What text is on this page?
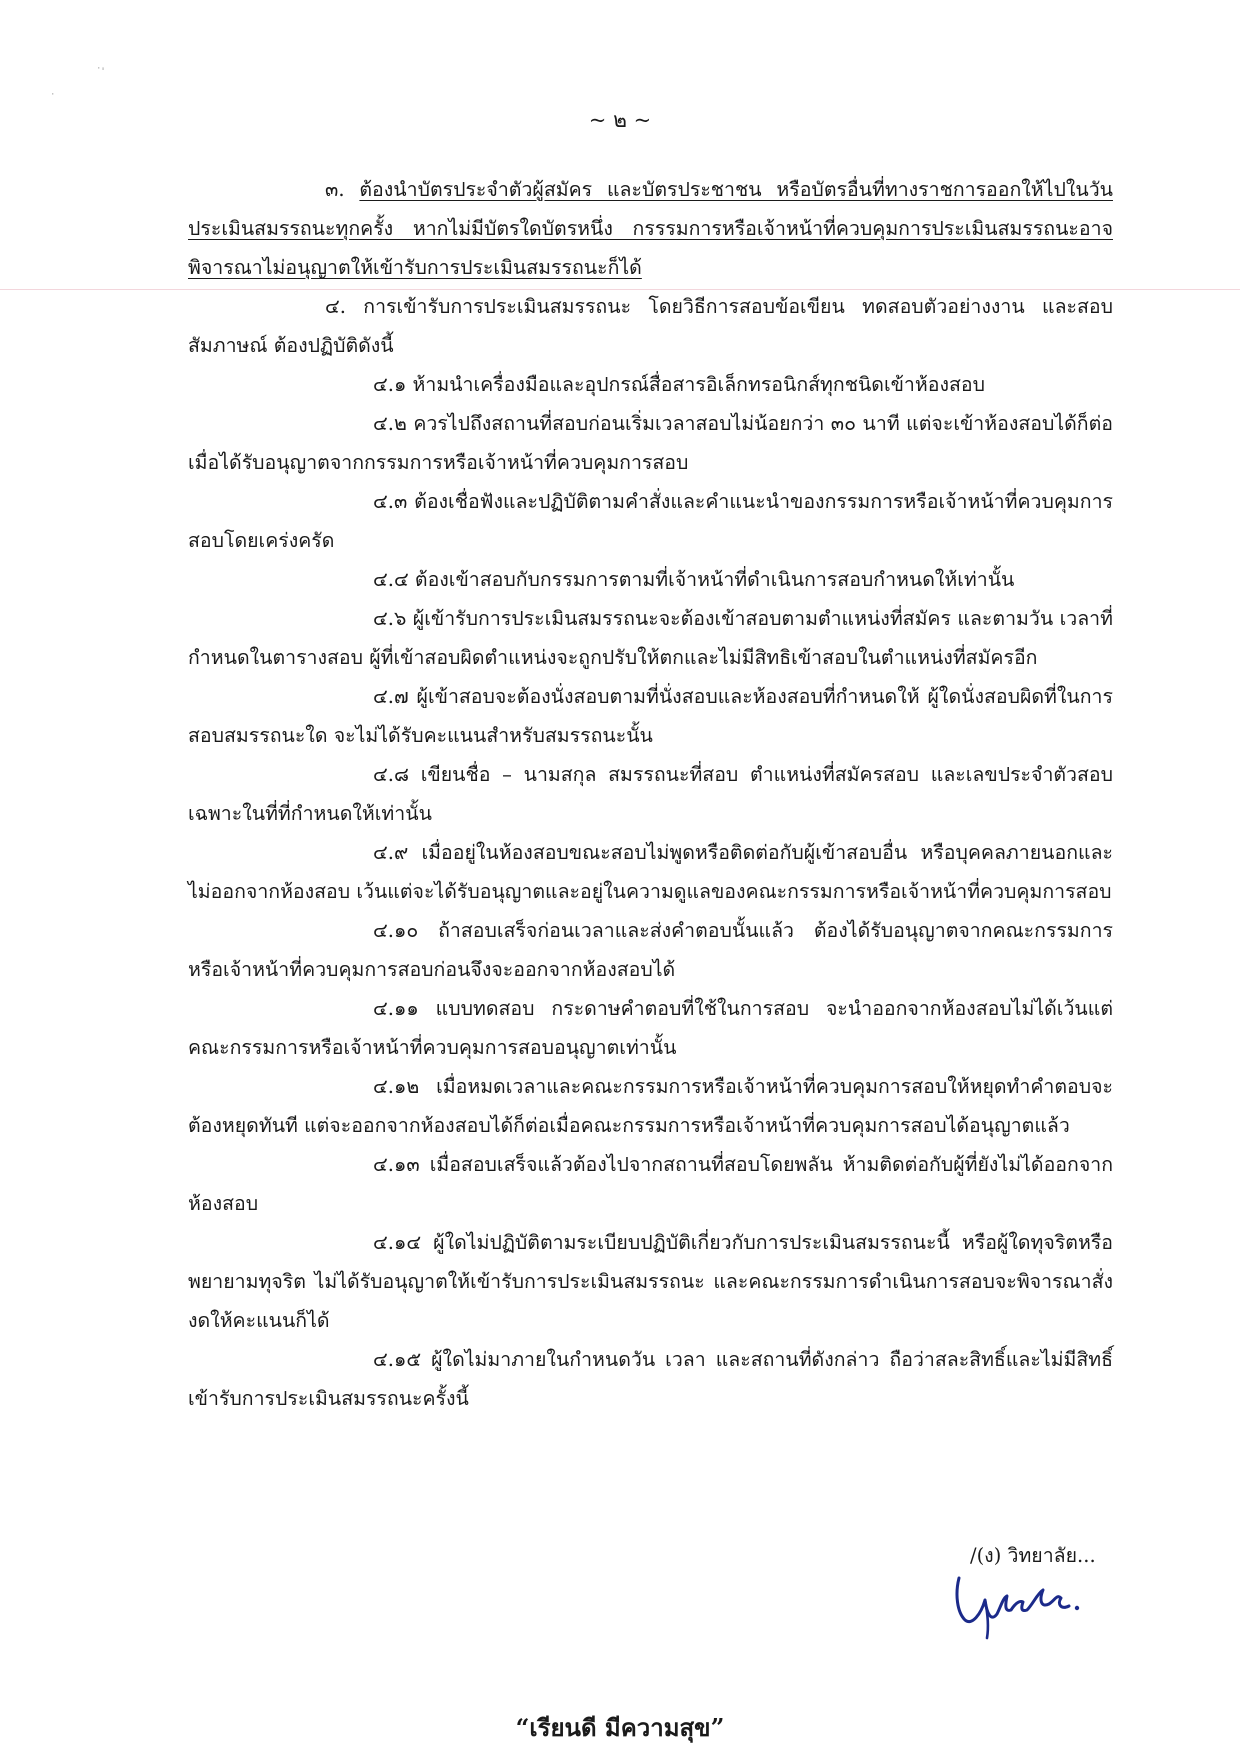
˙ˈ
˙
~ ๒ ~

๓. ต้องนำบัตรประจำตัวผู้สมัคร และบัตรประชาชน หรือบัตรอื่นที่ทางราชการออกให้ไปในวันประเมินสมรรถนะทุกครั้ง หากไม่มีบัตรใดบัตรหนึ่ง กรรรมการหรือเจ้าหน้าที่ควบคุมการประเมินสมรรถนะอาจพิจารณาไม่อนุญาตให้เข้ารับการประเมินสมรรถนะก็ได้

๔. การเข้ารับการประเมินสมรรถนะ โดยวิธีการสอบข้อเขียน ทดสอบตัวอย่างงาน และสอบสัมภาษณ์ ต้องปฏิบัติดังนี้

๔.๑ ห้ามนำเครื่องมือและอุปกรณ์สื่อสารอิเล็กทรอนิกส์ทุกชนิดเข้าห้องสอบ

๔.๒ ควรไปถึงสถานที่สอบก่อนเริ่มเวลาสอบไม่น้อยกว่า ๓๐ นาที แต่จะเข้าห้องสอบได้ก็ต่อเมื่อได้รับอนุญาตจากกรรมการหรือเจ้าหน้าที่ควบคุมการสอบ

๔.๓ ต้องเชื่อฟังและปฏิบัติตามคำสั่งและคำแนะนำของกรรมการหรือเจ้าหน้าที่ควบคุมการสอบโดยเคร่งครัด

๔.๔ ต้องเข้าสอบกับกรรมการตามที่เจ้าหน้าที่ดำเนินการสอบกำหนดให้เท่านั้น

๔.๖ ผู้เข้ารับการประเมินสมรรถนะจะต้องเข้าสอบตามตำแหน่งที่สมัคร และตามวัน เวลาที่กำหนดในตารางสอบ ผู้ที่เข้าสอบผิดตำแหน่งจะถูกปรับให้ตกและไม่มีสิทธิเข้าสอบในตำแหน่งที่สมัครอีก

๔.๗ ผู้เข้าสอบจะต้องนั่งสอบตามที่นั่งสอบและห้องสอบที่กำหนดให้ ผู้ใดนั่งสอบผิดที่ในการสอบสมรรถนะใด จะไม่ได้รับคะแนนสำหรับสมรรถนะนั้น

๔.๘ เขียนชื่อ – นามสกุล สมรรถนะที่สอบ ตำแหน่งที่สมัครสอบ และเลขประจำตัวสอบเฉพาะในที่ที่กำหนดให้เท่านั้น

๔.๙ เมื่ออยู่ในห้องสอบขณะสอบไม่พูดหรือติดต่อกับผู้เข้าสอบอื่น หรือบุคคลภายนอกและไม่ออกจากห้องสอบ เว้นแต่จะได้รับอนุญาตและอยู่ในความดูแลของคณะกรรมการหรือเจ้าหน้าที่ควบคุมการสอบ

๔.๑๐ ถ้าสอบเสร็จก่อนเวลาและส่งคำตอบนั้นแล้ว ต้องได้รับอนุญาตจากคณะกรรมการหรือเจ้าหน้าที่ควบคุมการสอบก่อนจึงจะออกจากห้องสอบได้

๔.๑๑ แบบทดสอบ กระดาษคำตอบที่ใช้ในการสอบ จะนำออกจากห้องสอบไม่ได้เว้นแต่คณะกรรมการหรือเจ้าหน้าที่ควบคุมการสอบอนุญาตเท่านั้น

๔.๑๒ เมื่อหมดเวลาและคณะกรรมการหรือเจ้าหน้าที่ควบคุมการสอบให้หยุดทำคำตอบจะต้องหยุดทันที แต่จะออกจากห้องสอบได้ก็ต่อเมื่อคณะกรรมการหรือเจ้าหน้าที่ควบคุมการสอบได้อนุญาตแล้ว

๔.๑๓ เมื่อสอบเสร็จแล้วต้องไปจากสถานที่สอบโดยพลัน ห้ามติดต่อกับผู้ที่ยังไม่ได้ออกจากห้องสอบ

๔.๑๔ ผู้ใดไม่ปฏิบัติตามระเบียบปฏิบัติเกี่ยวกับการประเมินสมรรถนะนี้ หรือผู้ใดทุจริตหรือพยายามทุจริต ไม่ได้รับอนุญาตให้เข้ารับการประเมินสมรรถนะ และคณะกรรมการดำเนินการสอบจะพิจารณาสั่งงดให้คะแนนก็ได้

๔.๑๕ ผู้ใดไม่มาภายในกำหนดวัน เวลา และสถานที่ดังกล่าว ถือว่าสละสิทธิ์และไม่มีสิทธิ์เข้ารับการประเมินสมรรถนะครั้งนี้

/(ง) วิทยาลัย...
“เรียนดี มีความสุข”
